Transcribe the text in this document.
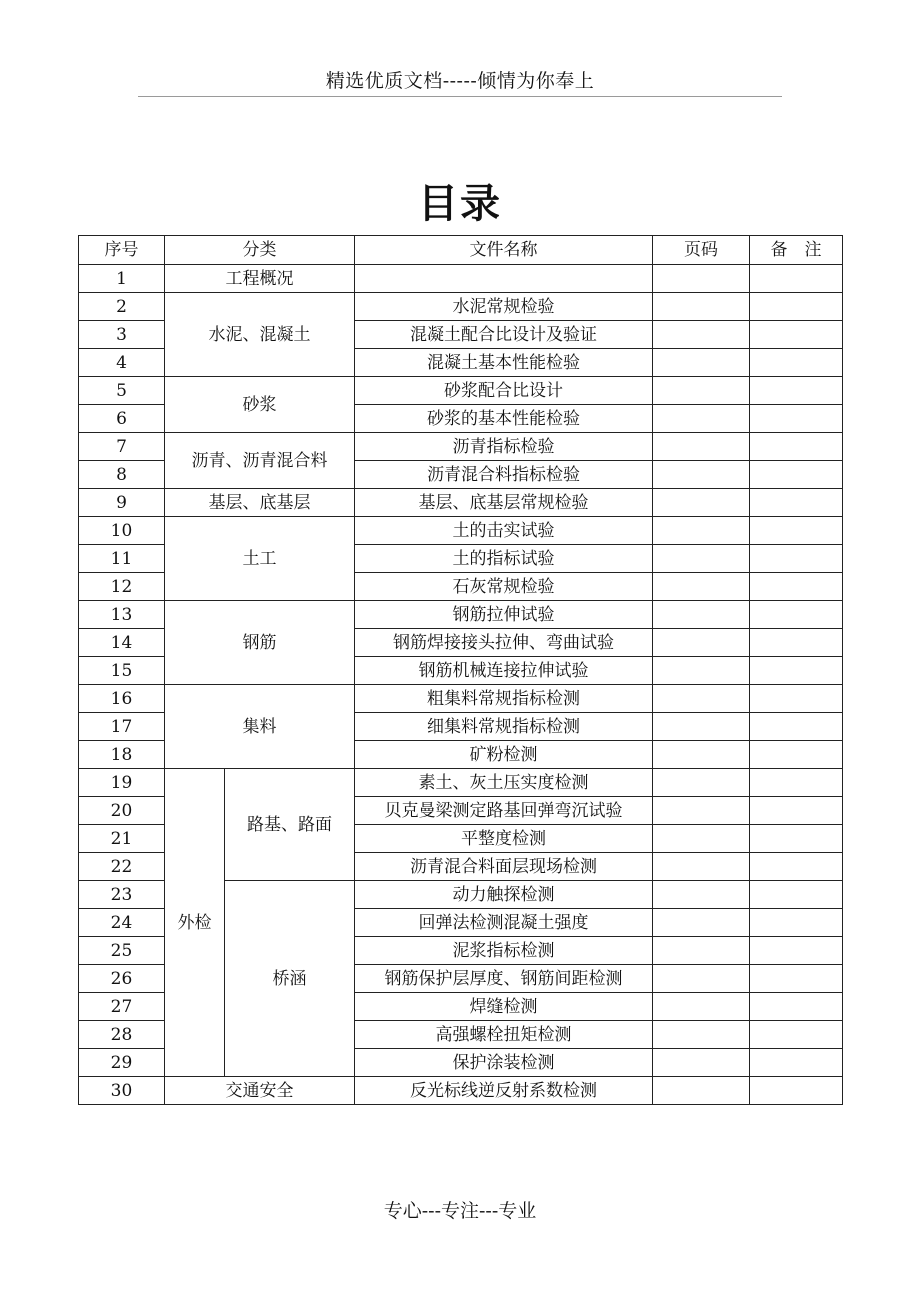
精选优质文档-----倾情为你奉上
目录
序号	分类		文件名称	页码	备　注
1	工程概况				
2	水泥、混凝土		水泥常规检验		
3			混凝土配合比设计及验证		
4			混凝土基本性能检验		
5	砂浆		砂浆配合比设计		
6			砂浆的基本性能检验		
7	沥青、沥青混合料		沥青指标检验		
8			沥青混合料指标检验		
9	基层、底基层		基层、底基层常规检验		
10	土工		土的击实试验		
11			土的指标试验		
12			石灰常规检验		
13	钢筋		钢筋拉伸试验		
14			钢筋焊接接头拉伸、弯曲试验		
15			钢筋机械连接拉伸试验		
16	集料		粗集料常规指标检测		
17			细集料常规指标检测		
18			矿粉检测		
19	外检	路基、路面	素土、灰土压实度检测		
20			贝克曼梁测定路基回弹弯沉试验		
21			平整度检测		
22			沥青混合料面层现场检测		
23		桥涵	动力触探检测		
24			回弹法检测混凝土强度		
25			泥浆指标检测		
26			钢筋保护层厚度、钢筋间距检测		
27			焊缝检测		
28			高强螺栓扭矩检测		
29			保护涂装检测		
30	交通安全		反光标线逆反射系数检测		
专心---专注---专业
